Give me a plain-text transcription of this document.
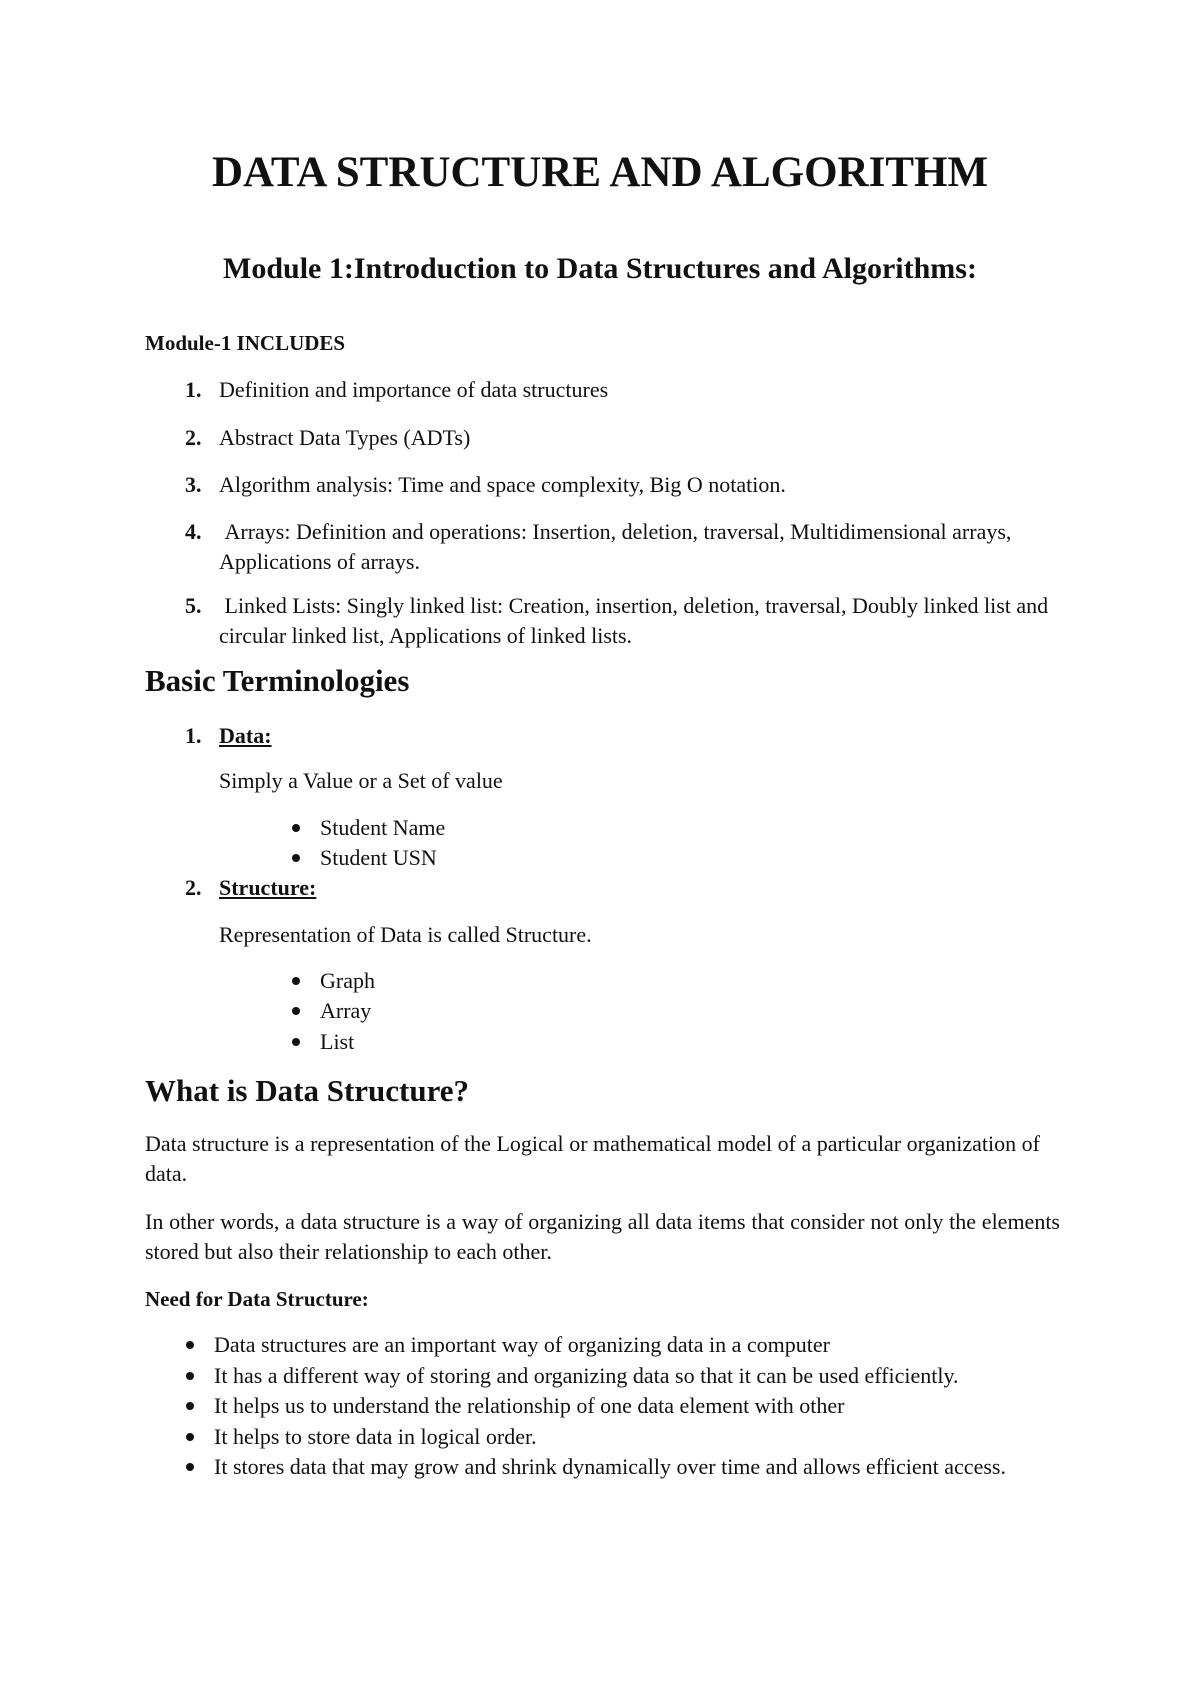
DATA STRUCTURE AND ALGORITHM
Module 1:Introduction to Data Structures and Algorithms:
Module-1 INCLUDES
1. Definition and importance of data structures
2. Abstract Data Types (ADTs)
3. Algorithm analysis: Time and space complexity, Big O notation.
4. Arrays: Definition and operations: Insertion, deletion, traversal, Multidimensional arrays, Applications of arrays.
5. Linked Lists: Singly linked list: Creation, insertion, deletion, traversal, Doubly linked list and circular linked list, Applications of linked lists.
Basic Terminologies
1. Data:
Simply a Value or a Set of value
Student Name
Student USN
2. Structure:
Representation of Data is called Structure.
Graph
Array
List
What is Data Structure?
Data structure is a representation of the Logical or mathematical model of a particular organization of data.
In other words, a data structure is a way of organizing all data items that consider not only the elements stored but also their relationship to each other.
Need for Data Structure:
Data structures are an important way of organizing data in a computer
It has a different way of storing and organizing data so that it can be used efficiently.
It helps us to understand the relationship of one data element with other
It helps to store data in logical order.
It stores data that may grow and shrink dynamically over time and allows efficient access.
